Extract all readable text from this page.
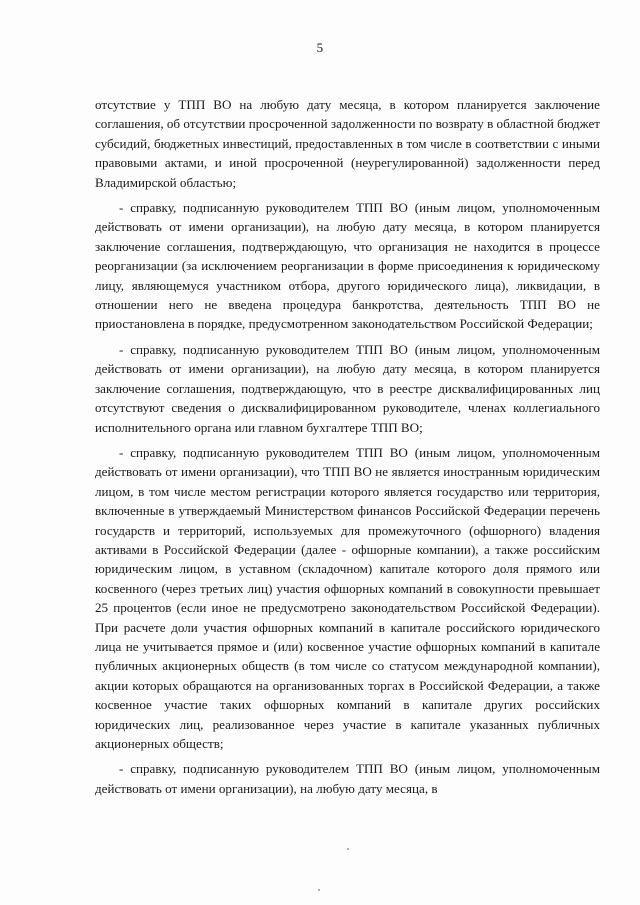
5

отсутствие у ТПП ВО на любую дату месяца, в котором планируется заключение соглашения, об отсутствии просроченной задолженности по возврату в областной бюджет субсидий, бюджетных инвестиций, предоставленных в том числе в соответствии с иными правовыми актами, и иной просроченной (неурегулированной) задолженности перед Владимирской областью;

- справку, подписанную руководителем ТПП ВО (иным лицом, уполномоченным действовать от имени организации), на любую дату месяца, в котором планируется заключение соглашения, подтверждающую, что организация не находится в процессе реорганизации (за исключением реорганизации в форме присоединения к юридическому лицу, являющемуся участником отбора, другого юридического лица), ликвидации, в отношении него не введена процедура банкротства, деятельность ТПП ВО не приостановлена в порядке, предусмотренном законодательством Российской Федерации;

- справку, подписанную руководителем ТПП ВО (иным лицом, уполномоченным действовать от имени организации), на любую дату месяца, в котором планируется заключение соглашения, подтверждающую, что в реестре дисквалифицированных лиц отсутствуют сведения о дисквалифицированном руководителе, членах коллегиального исполнительного органа или главном бухгалтере ТПП ВО;

- справку, подписанную руководителем ТПП ВО (иным лицом, уполномоченным действовать от имени организации), что ТПП ВО не является иностранным юридическим лицом, в том числе местом регистрации которого является государство или территория, включенные в утверждаемый Министерством финансов Российской Федерации перечень государств и территорий, используемых для промежуточного (офшорного) владения активами в Российской Федерации (далее - офшорные компании), а также российским юридическим лицом, в уставном (складочном) капитале которого доля прямого или косвенного (через третьих лиц) участия офшорных компаний в совокупности превышает 25 процентов (если иное не предусмотрено законодательством Российской Федерации). При расчете доли участия офшорных компаний в капитале российского юридического лица не учитывается прямое и (или) косвенное участие офшорных компаний в капитале публичных акционерных обществ (в том числе со статусом международной компании), акции которых обращаются на организованных торгах в Российской Федерации, а также косвенное участие таких офшорных компаний в капитале других российских юридических лиц, реализованное через участие в капитале указанных публичных акционерных обществ;

- справку, подписанную руководителем ТПП ВО (иным лицом, уполномоченным действовать от имени организации), на любую дату месяца, в
